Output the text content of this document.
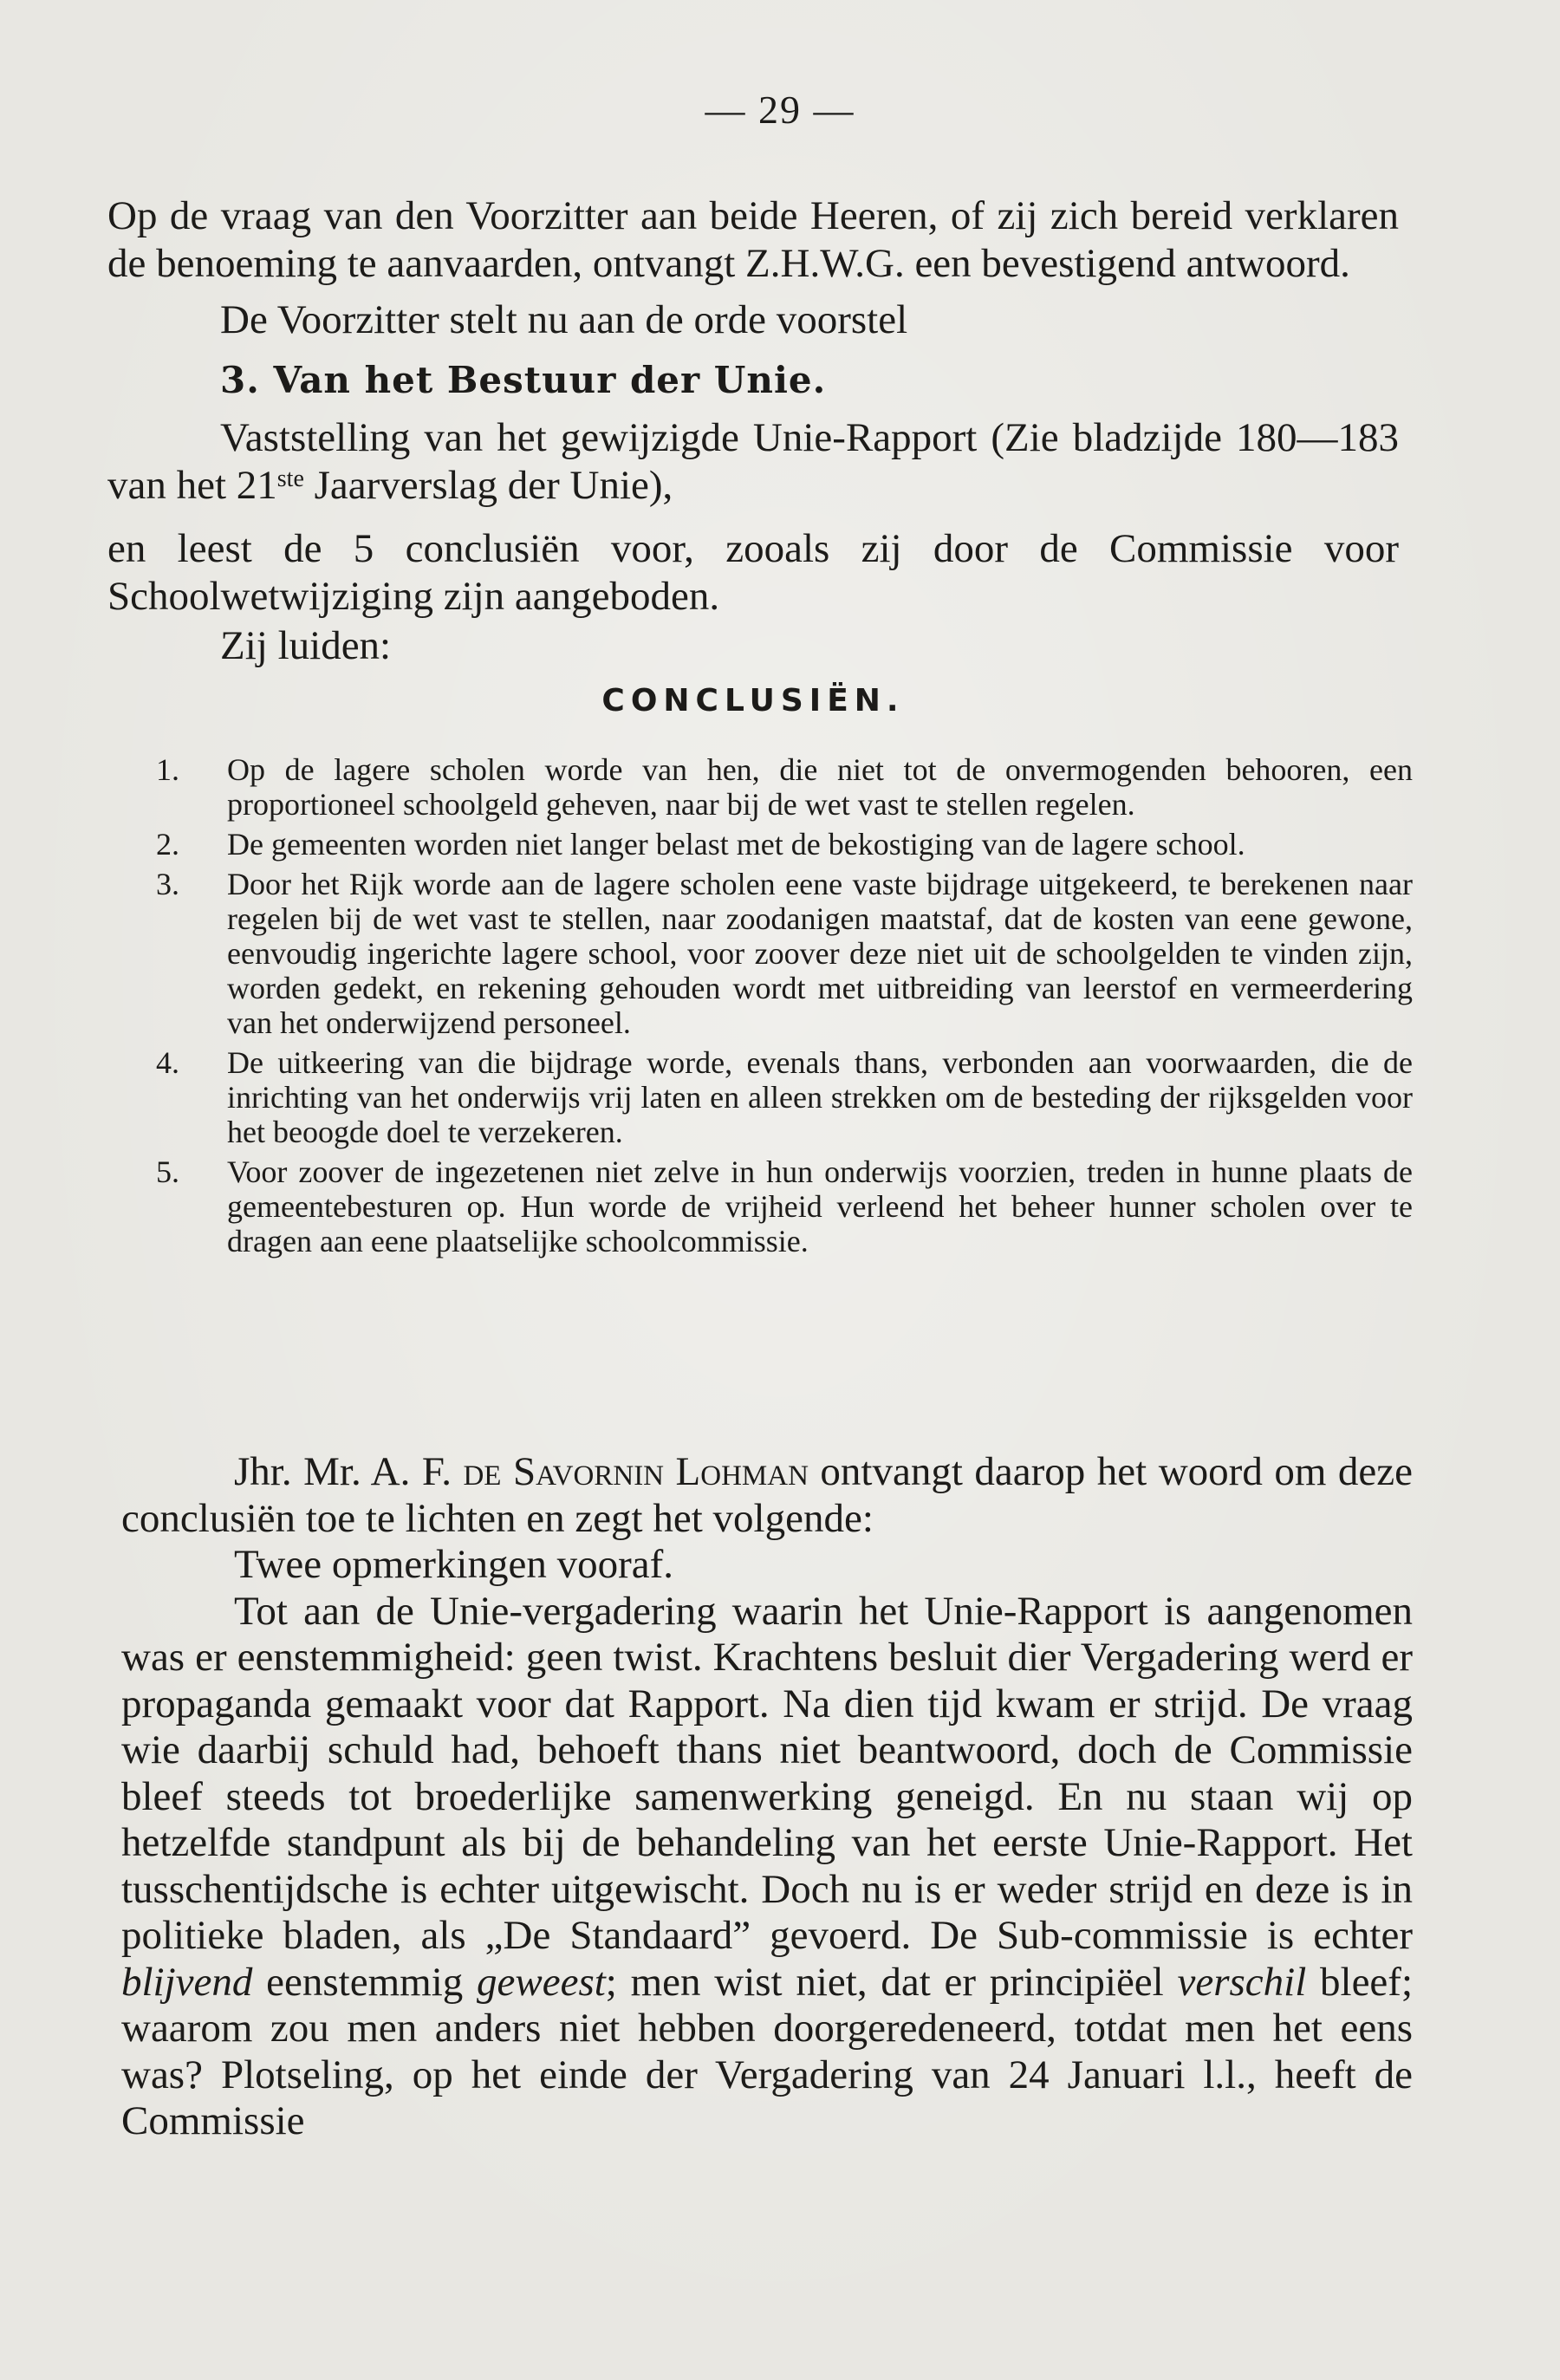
— 29 —

Op de vraag van den Voorzitter aan beide Heeren, of zij zich bereid verklaren de benoeming te aanvaarden, ontvangt Z.H.W.G. een bevestigend antwoord.

De Voorzitter stelt nu aan de orde voorstel

3. Van het Bestuur der Unie.

Vaststelling van het gewijzigde Unie-Rapport (Zie bladzijde 180—183 van het 21ste Jaarverslag der Unie),

en leest de 5 conclusiën voor, zooals zij door de Commissie voor Schoolwetwijziging zijn aangeboden.

Zij luiden:

CONCLUSIËN.
1. Op de lagere scholen worde van hen, die niet tot de onvermogenden behooren, een proportioneel schoolgeld geheven, naar bij de wet vast te stellen regelen.
2. De gemeenten worden niet langer belast met de bekostiging van de lagere school.
3. Door het Rijk worde aan de lagere scholen eene vaste bijdrage uitgekeerd, te berekenen naar regelen bij de wet vast te stellen, naar zoodanigen maatstaf, dat de kosten van eene gewone, eenvoudig ingerichte lagere school, voor zoover deze niet uit de schoolgelden te vinden zijn, worden gedekt, en rekening gehouden wordt met uitbreiding van leerstof en vermeerdering van het onderwijzend personeel.
4. De uitkeering van die bijdrage worde, evenals thans, verbonden aan voorwaarden, die de inrichting van het onderwijs vrij laten en alleen strekken om de besteding der rijksgelden voor het beoogde doel te verzekeren.
5. Voor zoover de ingezetenen niet zelve in hun onderwijs voorzien, treden in hunne plaats de gemeentebesturen op. Hun worde de vrijheid verleend het beheer hunner scholen over te dragen aan eene plaatselijke schoolcommissie.

Jhr. Mr. A. F. de Savornin Lohman ontvangt daarop het woord om deze conclusiën toe te lichten en zegt het volgende:

Twee opmerkingen vooraf.

Tot aan de Unie-vergadering waarin het Unie-Rapport is aangenomen was er eenstemmigheid: geen twist. Krachtens besluit dier Vergadering werd er propaganda gemaakt voor dat Rapport. Na dien tijd kwam er strijd. De vraag wie daarbij schuld had, behoeft thans niet beantwoord, doch de Commissie bleef steeds tot broederlijke samenwerking geneigd. En nu staan wij op hetzelfde standpunt als bij de behandeling van het eerste Unie-Rapport. Het tusschentijdsche is echter uitgewischt. Doch nu is er weder strijd en deze is in politieke bladen, als „De Standaard” gevoerd. De Sub-commissie is echter blijvend eenstemmig geweest; men wist niet, dat er principiëel verschil bleef; waarom zou men anders niet hebben doorgeredeneerd, totdat men het eens was? Plotseling, op het einde der Vergadering van 24 Januari l.l., heeft de Commissie
